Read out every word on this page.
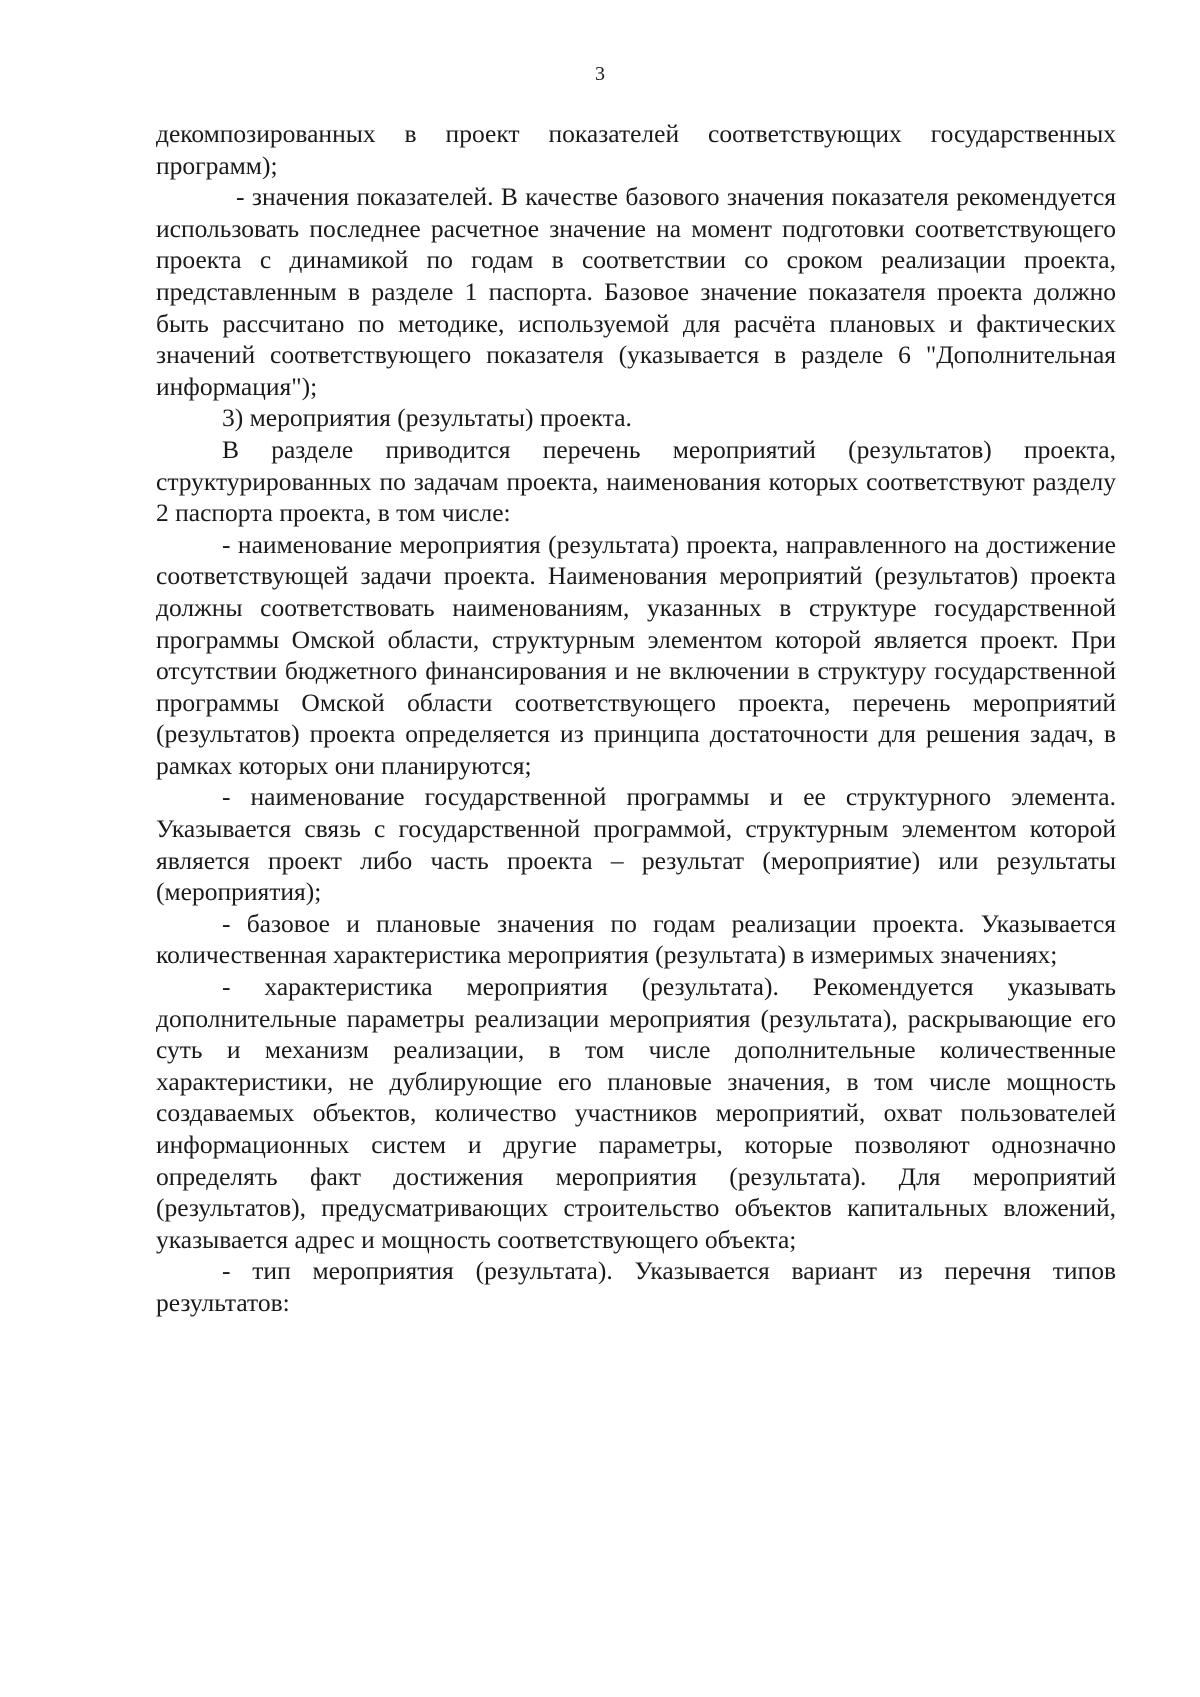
3

декомпозированных в проект показателей соответствующих государственных программ);

- значения показателей. В качестве базового значения показателя рекомендуется использовать последнее расчетное значение на момент подготовки соответствующего проекта с динамикой по годам в соответствии со сроком реализации проекта, представленным в разделе 1 паспорта. Базовое значение показателя проекта должно быть рассчитано по методике, используемой для расчёта плановых и фактических значений соответствующего показателя (указывается в разделе 6 "Дополнительная информация");

3) мероприятия (результаты) проекта.

В разделе приводится перечень мероприятий (результатов) проекта, структурированных по задачам проекта, наименования которых соответствуют разделу 2 паспорта проекта, в том числе:

- наименование мероприятия (результата) проекта, направленного на достижение соответствующей задачи проекта. Наименования мероприятий (результатов) проекта должны соответствовать наименованиям, указанных в структуре государственной программы Омской области, структурным элементом которой является проект. При отсутствии бюджетного финансирования и не включении в структуру государственной программы Омской области соответствующего проекта, перечень мероприятий (результатов) проекта определяется из принципа достаточности для решения задач, в рамках которых они планируются;

- наименование государственной программы и ее структурного элемента. Указывается связь с государственной программой, структурным элементом которой является проект либо часть проекта – результат (мероприятие) или результаты (мероприятия);

- базовое и плановые значения по годам реализации проекта. Указывается количественная характеристика мероприятия (результата) в измеримых значениях;

- характеристика мероприятия (результата). Рекомендуется указывать дополнительные параметры реализации мероприятия (результата), раскрывающие его суть и механизм реализации, в том числе дополнительные количественные характеристики, не дублирующие его плановые значения, в том числе мощность создаваемых объектов, количество участников мероприятий, охват пользователей информационных систем и другие параметры, которые позволяют однозначно определять факт достижения мероприятия (результата). Для мероприятий (результатов), предусматривающих строительство объектов капитальных вложений, указывается адрес и мощность соответствующего объекта;

- тип мероприятия (результата). Указывается вариант из перечня типов результатов:
